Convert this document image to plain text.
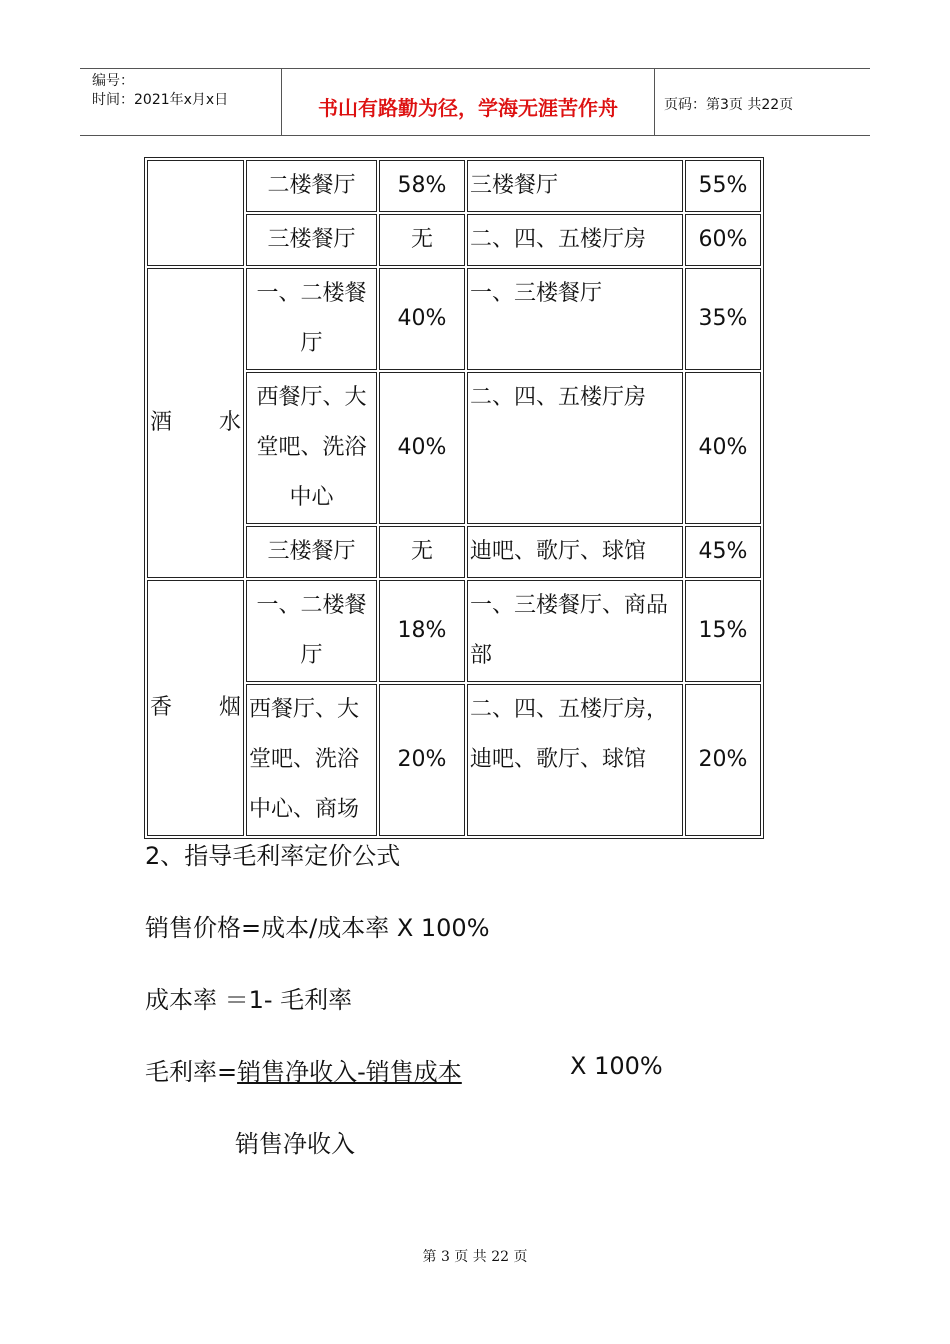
编号：
时间：2021年x月x日	书山有路勤为径，学海无涯苦作舟	页码：第3页 共22页
	二楼餐厅	58%	三楼餐厅	55%
	三楼餐厅	无	二、四、五楼厅房	60%
酒水	一、二楼餐厅	40%	一、三楼餐厅	35%
	西餐厅、大堂吧、洗浴中心	40%	二、四、五楼厅房	40%
	三楼餐厅	无	迪吧、歌厅、球馆	45%
香烟	一、二楼餐厅	18%	一、三楼餐厅、商品部	15%
	西餐厅、大堂吧、洗浴中心、商场	20%	二、四、五楼厅房，迪吧、歌厅、球馆	20%
2、指导毛利率定价公式
销售价格=成本/成本率 X 100%
成本率 ＝1- 毛利率
毛利率=销售净收入-销售成本	X 100%
销售净收入
第 3 页 共 22 页
